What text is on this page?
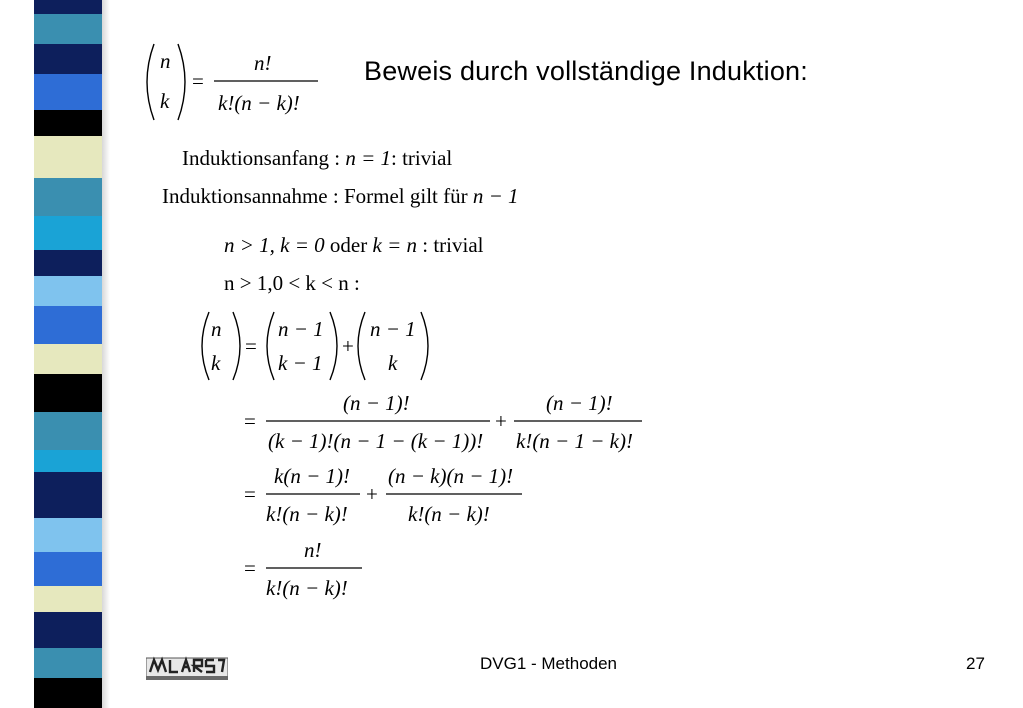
Beweis durch vollständige Induktion:
n
k
=
n!
k!(n − k)!
Induktionsanfang : n = 1: trivial
Induktionsannahme : Formel gilt für n − 1
n > 1, k = 0 oder k = n : trivial
n > 1,0 < k < n :
n
k
=
n − 1
k − 1
+
n − 1
k
=
(n − 1)!
(k − 1)!(n − 1 − (k − 1))!
+
(n − 1)!
k!(n − 1 − k)!
=
k(n − 1)!
k!(n − k)!
+
(n − k)(n − 1)!
k!(n − k)!
=
n!
k!(n − k)!
DVG1 - Methoden	27
